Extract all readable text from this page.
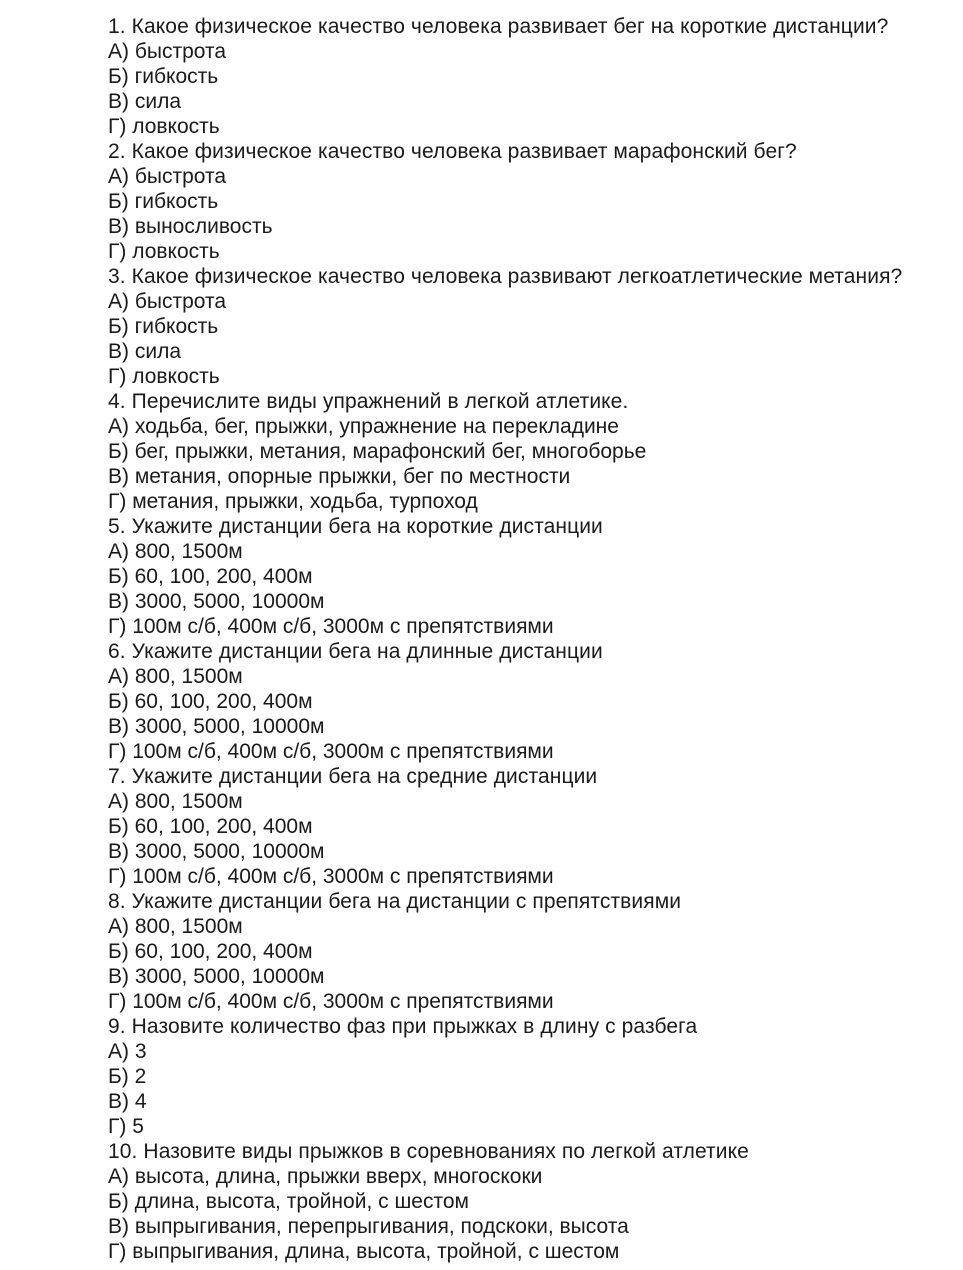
1. Какое физическое качество человека развивает бег на короткие дистанции?
А) быстрота
Б) гибкость
В) сила
Г) ловкость
2. Какое физическое качество человека развивает марафонский бег?
А) быстрота
Б) гибкость
В) выносливость
Г) ловкость
3. Какое физическое качество человека развивают легкоатлетические метания?
А) быстрота
Б) гибкость
В) сила
Г) ловкость
4. Перечислите виды упражнений в легкой атлетике.
А) ходьба, бег, прыжки, упражнение на перекладине
Б) бег, прыжки, метания, марафонский бег, многоборье
В) метания, опорные прыжки, бег по местности
Г) метания, прыжки, ходьба, турпоход
5. Укажите дистанции бега на короткие дистанции
А) 800, 1500м
Б) 60, 100, 200, 400м
В) 3000, 5000, 10000м
Г) 100м с/б, 400м с/б, 3000м с препятствиями
6. Укажите дистанции бега на длинные дистанции
А) 800, 1500м
Б) 60, 100, 200, 400м
В) 3000, 5000, 10000м
Г) 100м с/б, 400м с/б, 3000м с препятствиями
7. Укажите дистанции бега на средние дистанции
А) 800, 1500м
Б) 60, 100, 200, 400м
В) 3000, 5000, 10000м
Г) 100м с/б, 400м с/б, 3000м с препятствиями
8. Укажите дистанции бега на дистанции с препятствиями
А) 800, 1500м
Б) 60, 100, 200, 400м
В) 3000, 5000, 10000м
Г) 100м с/б, 400м с/б, 3000м с препятствиями
9. Назовите количество фаз при прыжках в длину с разбега
А) 3
Б) 2
В) 4
Г) 5
10. Назовите виды прыжков в соревнованиях по легкой атлетике
А) высота, длина, прыжки вверх, многоскоки
Б) длина, высота, тройной, с шестом
В) выпрыгивания, перепрыгивания, подскоки, высота
Г) выпрыгивания, длина, высота, тройной, с шестом
